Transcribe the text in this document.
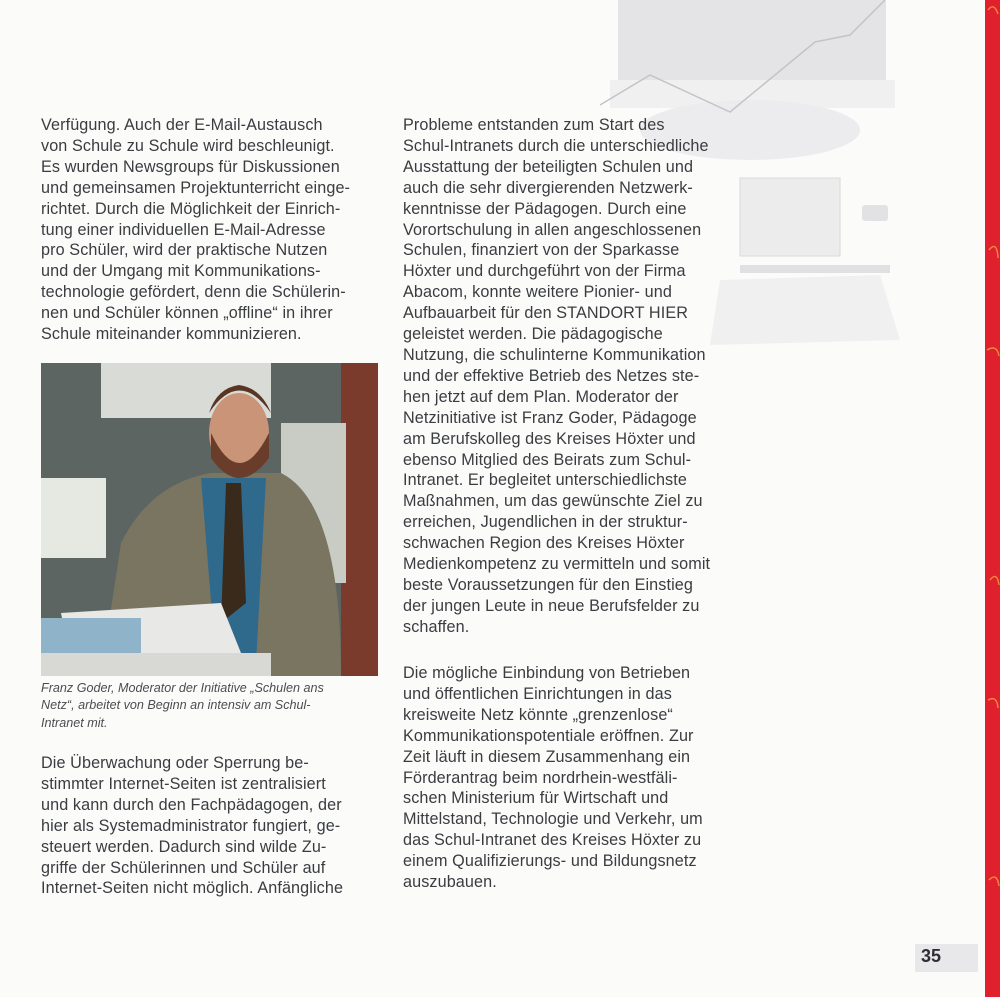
Verfügung. Auch der E-Mail-Austausch
von Schule zu Schule wird beschleunigt.
Es wurden Newsgroups für Diskussionen
und gemeinsamen Projektunterricht einge-
richtet. Durch die Möglichkeit der Einrich-
tung einer individuellen E-Mail-Adresse
pro Schüler, wird der praktische Nutzen
und der Umgang mit Kommunikations-
technologie gefördert, denn die Schülerin-
nen und Schüler können „offline“ in ihrer
Schule miteinander kommunizieren.

Franz Goder, Moderator der Initiative „Schulen ans
Netz“, arbeitet von Beginn an intensiv am Schul-
Intranet mit.

Die Überwachung oder Sperrung be-
stimmter Internet-Seiten ist zentralisiert
und kann durch den Fachpädagogen, der
hier als Systemadministrator fungiert, ge-
steuert werden. Dadurch sind wilde Zu-
griffe der Schülerinnen und Schüler auf
Internet-Seiten nicht möglich. Anfängliche

Probleme entstanden zum Start des
Schul-Intranets durch die unterschiedliche
Ausstattung der beteiligten Schulen und
auch die sehr divergierenden Netzwerk-
kenntnisse der Pädagogen. Durch eine
Vorortschulung in allen angeschlossenen
Schulen, finanziert von der Sparkasse
Höxter und durchgeführt von der Firma
Abacom, konnte weitere Pionier- und
Aufbauarbeit für den STANDORT HIER
geleistet werden. Die pädagogische
Nutzung, die schulinterne Kommunikation
und der effektive Betrieb des Netzes ste-
hen jetzt auf dem Plan. Moderator der
Netzinitiative ist Franz Goder, Pädagoge
am Berufskolleg des Kreises Höxter und
ebenso Mitglied des Beirats zum Schul-
Intranet. Er begleitet unterschiedlichste
Maßnahmen, um das gewünschte Ziel zu
erreichen, Jugendlichen in der struktur-
schwachen Region des Kreises Höxter
Medienkompetenz zu vermitteln und somit
beste Voraussetzungen für den Einstieg
der jungen Leute in neue Berufsfelder zu
schaffen.

Die mögliche Einbindung von Betrieben
und öffentlichen Einrichtungen in das
kreisweite Netz könnte „grenzenlose“
Kommunikationspotentiale eröffnen. Zur
Zeit läuft in diesem Zusammenhang ein
Förderantrag beim nordrhein-westfäli-
schen Ministerium für Wirtschaft und
Mittelstand, Technologie und Verkehr, um
das Schul-Intranet des Kreises Höxter zu
einem Qualifizierungs- und Bildungsnetz
auszubauen.

35
